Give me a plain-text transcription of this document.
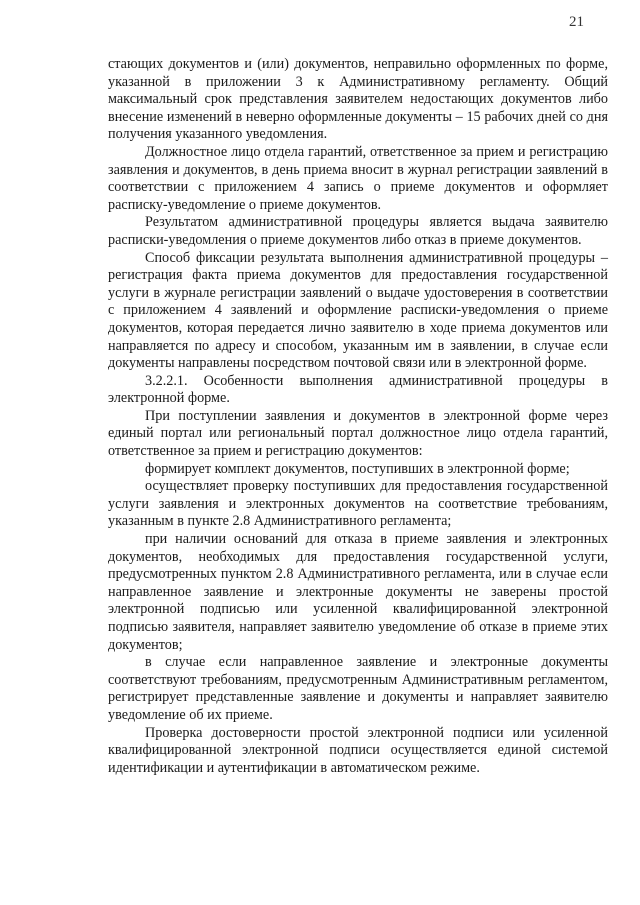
21

стающих документов и (или) документов, неправильно оформленных по форме, указанной в приложении 3 к Административному регламенту. Общий максимальный срок представления заявителем недостающих документов либо внесение изменений в неверно оформленные документы – 15 рабочих дней со дня получения указанного уведомления.

Должностное лицо отдела гарантий, ответственное за прием и регистрацию заявления и документов, в день приема вносит в журнал регистрации заявлений в соответствии с приложением 4 запись о приеме документов и оформляет расписку-уведомление о приеме документов.

Результатом административной процедуры является выдача заявителю расписки-уведомления о приеме документов либо отказ в приеме документов.

Способ фиксации результата выполнения административной процедуры – регистрация факта приема документов для предоставления государственной услуги в журнале регистрации заявлений о выдаче удостоверения в соответствии с приложением 4 заявлений и оформление расписки-уведомления о приеме документов, которая передается лично заявителю в ходе приема документов или направляется по адресу и способом, указанным им в заявлении, в случае если документы направлены посредством почтовой связи или в электронной форме.

3.2.2.1. Особенности выполнения административной процедуры в электронной форме.

При поступлении заявления и документов в электронной форме через единый портал или региональный портал должностное лицо отдела гарантий, ответственное за прием и регистрацию документов:

формирует комплект документов, поступивших в электронной форме;

осуществляет проверку поступивших для предоставления государственной услуги заявления и электронных документов на соответствие требованиям, указанным в пункте 2.8 Административного регламента;

при наличии оснований для отказа в приеме заявления и электронных документов, необходимых для предоставления государственной услуги, предусмотренных пунктом 2.8 Административного регламента, или в случае если направленное заявление и электронные документы не заверены простой электронной подписью или усиленной квалифицированной электронной подписью заявителя, направляет заявителю уведомление об отказе в приеме этих документов;

в случае если направленное заявление и электронные документы соответствуют требованиям, предусмотренным Административным регламентом, регистрирует представленные заявление и документы и направляет заявителю уведомление об их приеме.

Проверка достоверности простой электронной подписи или усиленной квалифицированной электронной подписи осуществляется единой системой идентификации и аутентификации в автоматическом режиме.
